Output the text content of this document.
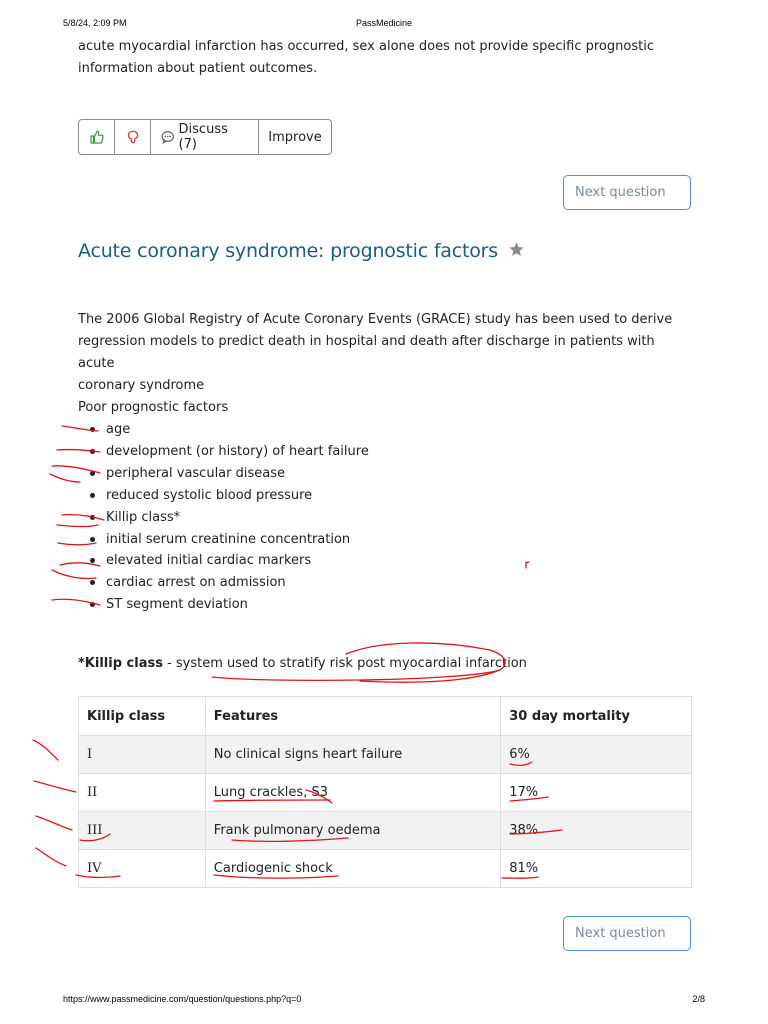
5/8/24, 2:09 PM	PassMedicine

acute myocardial infarction has occurred, sex alone does not provide specific prognostic

information about patient outcomes.

Discuss (7)	Improve
Next question
Acute coronary syndrome: prognostic factors

The 2006 Global Registry of Acute Coronary Events (GRACE) study has been used to derive

regression models to predict death in hospital and death after discharge in patients with acute

coronary syndrome

Poor prognostic factors
age
development (or history) of heart failure
peripheral vascular disease
reduced systolic blood pressure
Killip class*
initial serum creatinine concentration
elevated initial cardiac markers
cardiac arrest on admission
ST segment deviation
*Killip class - system used to stratify risk post myocardial infarction
Killip class	Features	30 day mortality
I	No clinical signs heart failure	6%
II	Lung crackles, S3	17%
III	Frank pulmonary oedema	38%
IV	Cardiogenic shock	81%
Next question
https://www.passmedicine.com/question/questions.php?q=0	2/8
